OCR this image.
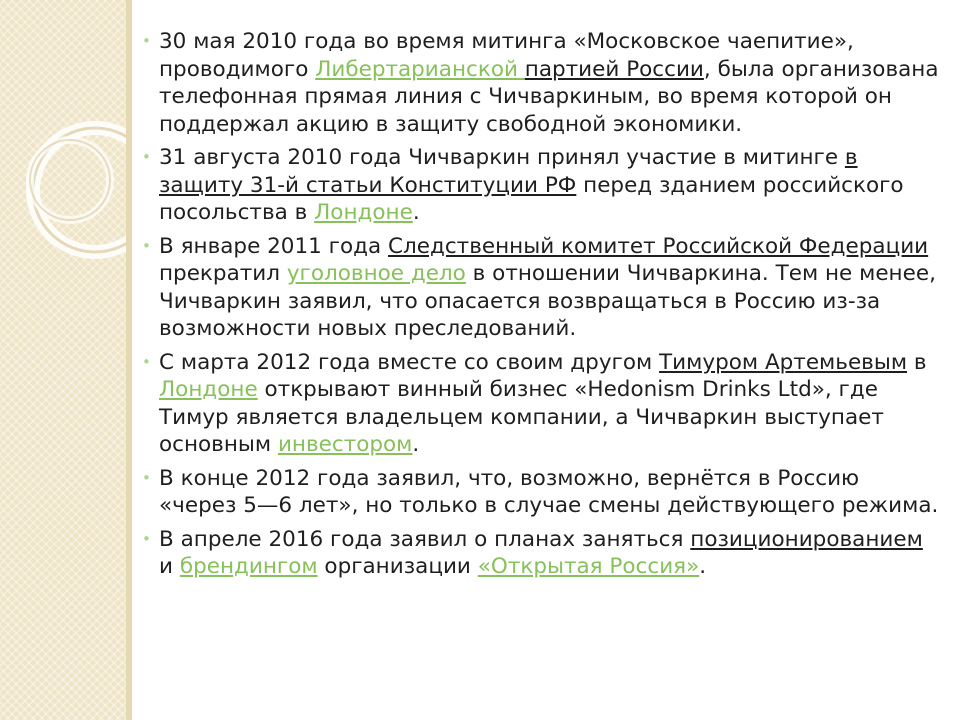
• 30 мая 2010 года во время митинга «Московское чаепитие», проводимого Либертарианской партией России, была организована телефонная прямая линия с Чичваркиным, во время которой он поддержал акцию в защиту свободной экономики.
• 31 августа 2010 года Чичваркин принял участие в митинге в защиту 31-й статьи Конституции РФ перед зданием российского посольства в Лондоне.
• В январе 2011 года Следственный комитет Российской Федерации прекратил уголовное дело в отношении Чичваркина. Тем не менее, Чичваркин заявил, что опасается возвращаться в Россию из-за возможности новых преследований.
• С марта 2012 года вместе со своим другом Тимуром Артемьевым в Лондоне открывают винный бизнес «Hedonism Drinks Ltd», где Тимур является владельцем компании, а Чичваркин выступает основным инвестором.
• В конце 2012 года заявил, что, возможно, вернётся в Россию «через 5—6 лет», но только в случае смены действующего режима.
• В апреле 2016 года заявил о планах заняться позиционированием и брендингом организации «Открытая Россия».
